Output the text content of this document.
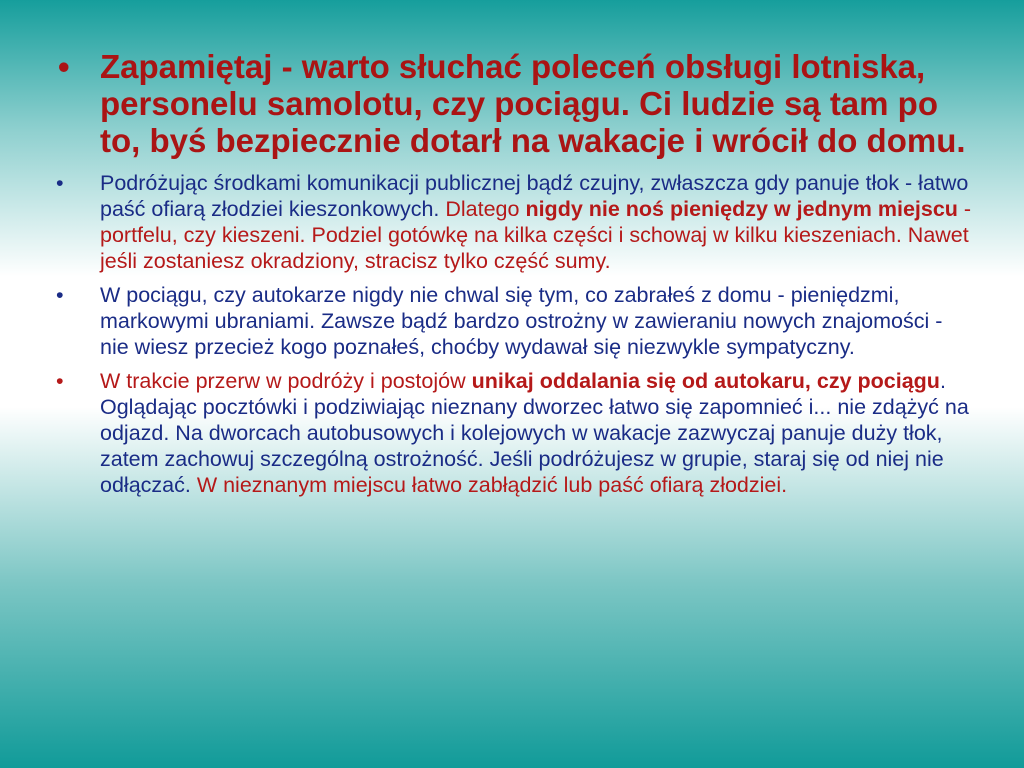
• Zapamiętaj - warto słuchać poleceń obsługi lotniska, personelu samolotu, czy pociągu. Ci ludzie są tam po to, byś bezpiecznie dotarł na wakacje i wrócił do domu.
• Podróżując środkami komunikacji publicznej bądź czujny, zwłaszcza gdy panuje tłok - łatwo paść ofiarą złodziei kieszonkowych. Dlatego nigdy nie noś pieniędzy w jednym miejscu - portfelu, czy kieszeni. Podziel gotówkę na kilka części i schowaj w kilku kieszeniach. Nawet jeśli zostaniesz okradziony, stracisz tylko część sumy.
• W pociągu, czy autokarze nigdy nie chwal się tym, co zabrałeś z domu - pieniędzmi, markowymi ubraniami. Zawsze bądź bardzo ostrożny w zawieraniu nowych znajomości - nie wiesz przecież kogo poznałeś, choćby wydawał się niezwykle sympatyczny.
• W trakcie przerw w podróży i postojów unikaj oddalania się od autokaru, czy pociągu. Oglądając pocztówki i podziwiając nieznany dworzec łatwo się zapomnieć i... nie zdążyć na odjazd. Na dworcach autobusowych i kolejowych w wakacje zazwyczaj panuje duży tłok, zatem zachowuj szczególną ostrożność. Jeśli podróżujesz w grupie, staraj się od niej nie odłączać. W nieznanym miejscu łatwo zabłądzić lub paść ofiarą złodziei.
